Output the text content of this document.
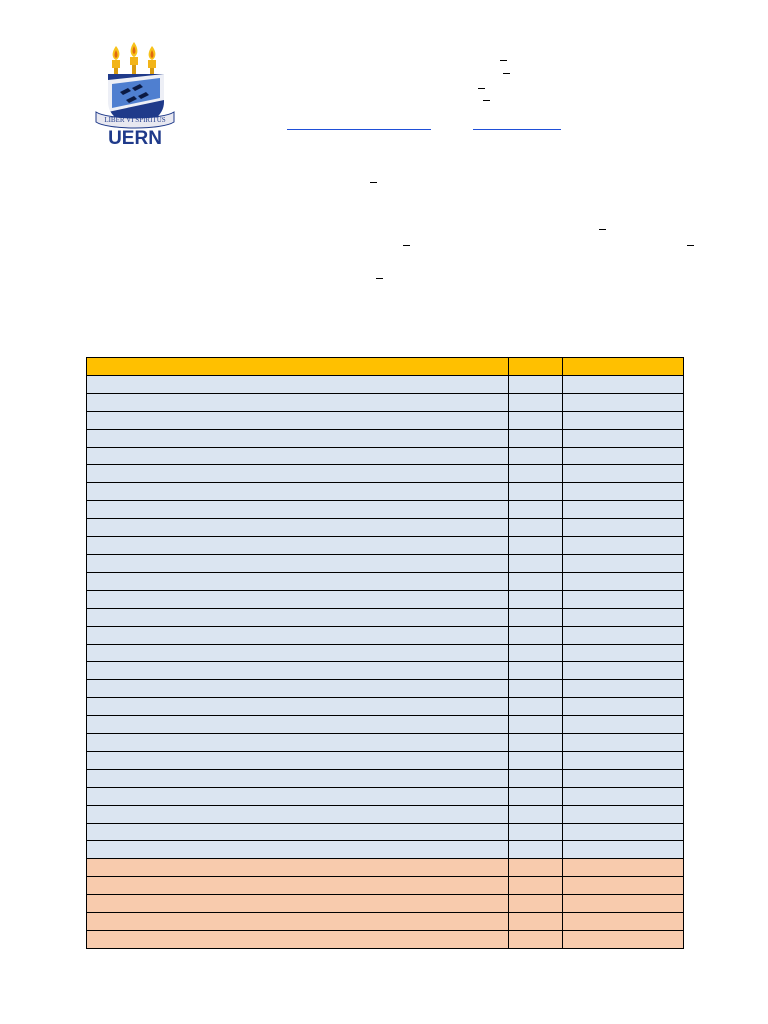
LIBER VI SPIRITUS
UERN
